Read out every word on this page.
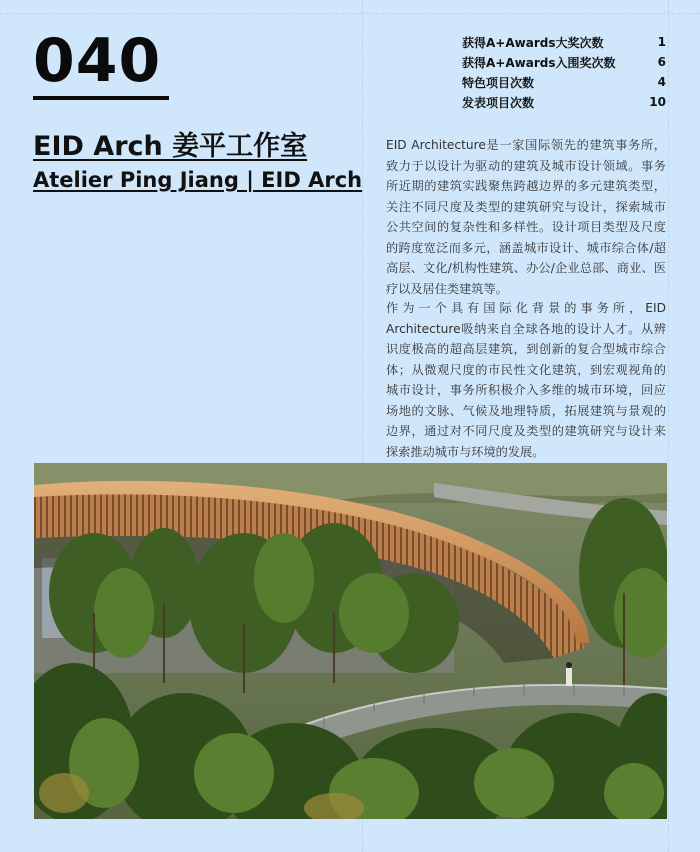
040	获得A+Awards大奖次数	1
获得A+Awards入围奖次数	6
特色项目次数	4
发表项目次数	10
EID Arch 姜平工作室
Atelier Ping Jiang | EID Arch
EID Architecture是一家国际领先的建筑事务所，致力于以设计为驱动的建筑及城市设计领域。事务所近期的建筑实践聚焦跨越边界的多元建筑类型，关注不同尺度及类型的建筑研究与设计，探索城市公共空间的复杂性和多样性。设计项目类型及尺度的跨度宽泛而多元，涵盖城市设计、城市综合体/超高层、文化/机构性建筑、办公/企业总部、商业、医疗以及居住类建筑等。
作为一个具有国际化背景的事务所，EID Architecture吸纳来自全球各地的设计人才。从辨识度极高的超高层建筑，到创新的复合型城市综合体；从微观尺度的市民性文化建筑，到宏观视角的城市设计，事务所积极介入多维的城市环境，回应场地的文脉、气候及地理特质，拓展建筑与景观的边界，通过对不同尺度及类型的建筑研究与设计来探索推动城市与环境的发展。
